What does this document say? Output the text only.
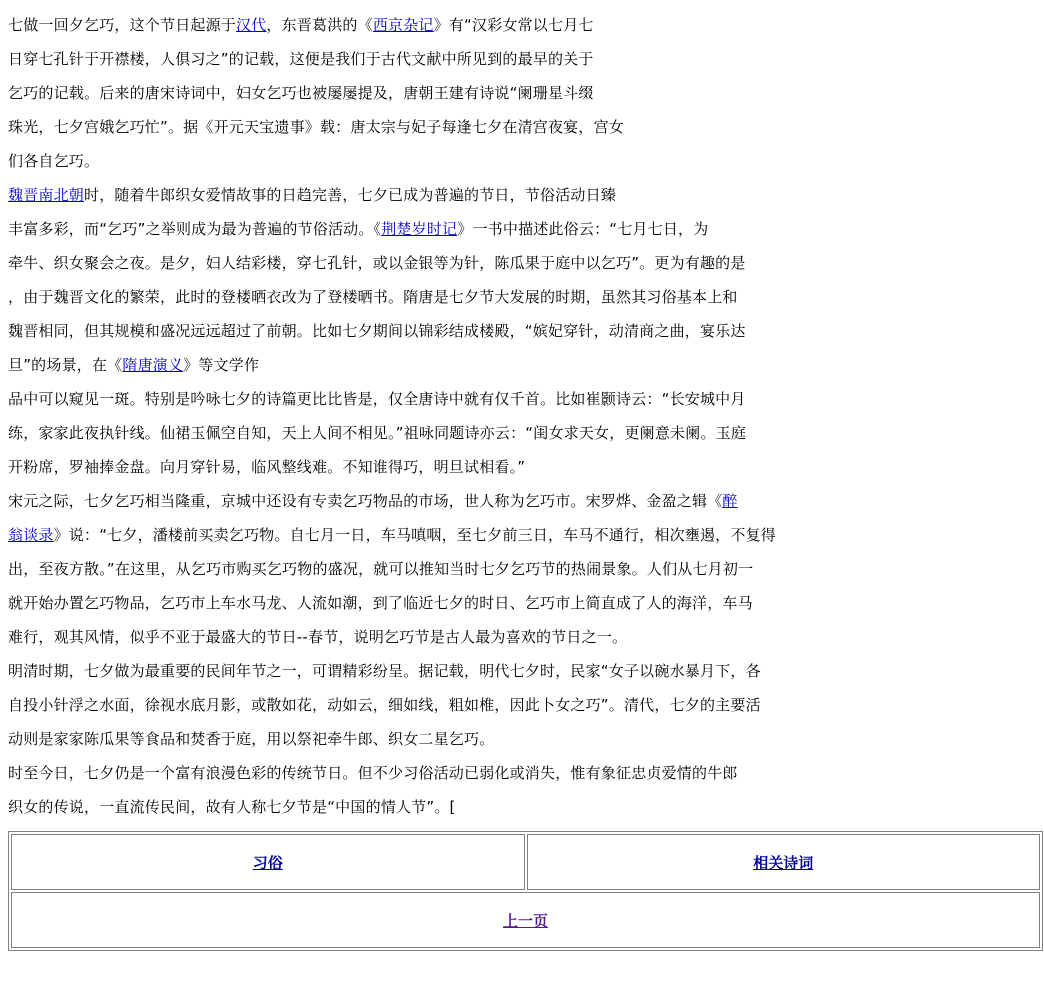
七做一回夕乞巧，这个节日起源于汉代，东晋葛洪的《西京杂记》有“汉彩女常以七月七
日穿七孔针于开襟楼，人俱习之”的记载，这便是我们于古代文献中所见到的最早的关于
乞巧的记载。后来的唐宋诗词中，妇女乞巧也被屡屡提及，唐朝王建有诗说“阑珊星斗缀
珠光，七夕宫娥乞巧忙”。据《开元天宝遗事》载：唐太宗与妃子每逢七夕在清宫夜宴，宫女
们各自乞巧。
魏晋南北朝时，随着牛郎织女爱情故事的日趋完善，七夕已成为普遍的节日，节俗活动日臻
丰富多彩，而“乞巧”之举则成为最为普遍的节俗活动。《荆楚岁时记》一书中描述此俗云：“七月七日，为
牵牛、织女聚会之夜。是夕，妇人结彩楼，穿七孔针，或以金银等为针，陈瓜果于庭中以乞巧”。更为有趣的是
，由于魏晋文化的繁荣，此时的登楼晒衣改为了登楼晒书。隋唐是七夕节大发展的时期，虽然其习俗基本上和
魏晋相同，但其规模和盛况远远超过了前朝。比如七夕期间以锦彩结成楼殿，“嫔妃穿针，动清商之曲，宴乐达
旦”的场景，在《隋唐演义》等文学作
品中可以窥见一斑。特别是吟咏七夕的诗篇更比比皆是，仅全唐诗中就有仅千首。比如崔颢诗云：“长安城中月
练，家家此夜执针线。仙裙玉佩空自知，天上人间不相见。”祖咏同题诗亦云：“闺女求天女，更阑意未阑。玉庭
开粉席，罗袖捧金盘。向月穿针易，临风整线难。不知谁得巧，明旦试相看。”
宋元之际，七夕乞巧相当隆重，京城中还设有专卖乞巧物品的市场，世人称为乞巧市。宋罗烨、金盈之辑《醉
翁谈录》说：“七夕，潘楼前买卖乞巧物。自七月一日，车马嗔咽，至七夕前三日，车马不通行，相次壅遏，不复得
出，至夜方散。”在这里，从乞巧市购买乞巧物的盛况，就可以推知当时七夕乞巧节的热闹景象。人们从七月初一
就开始办置乞巧物品，乞巧市上车水马龙、人流如潮，到了临近七夕的时日、乞巧市上简直成了人的海洋，车马
难行，观其风情，似乎不亚于最盛大的节日--春节，说明乞巧节是古人最为喜欢的节日之一。
明清时期，七夕做为最重要的民间年节之一，可谓精彩纷呈。据记载，明代七夕时，民家“女子以碗水暴月下，各
自投小针浮之水面，徐视水底月影，或散如花，动如云，细如线，粗如椎，因此卜女之巧”。清代，七夕的主要活
动则是家家陈瓜果等食品和焚香于庭，用以祭祀牵牛郎、织女二星乞巧。
时至今日，七夕仍是一个富有浪漫色彩的传统节日。但不少习俗活动已弱化或消失，惟有象征忠贞爱情的牛郎
织女的传说，一直流传民间，故有人称七夕节是“中国的情人节”。[
习俗	相关诗词
上一页
